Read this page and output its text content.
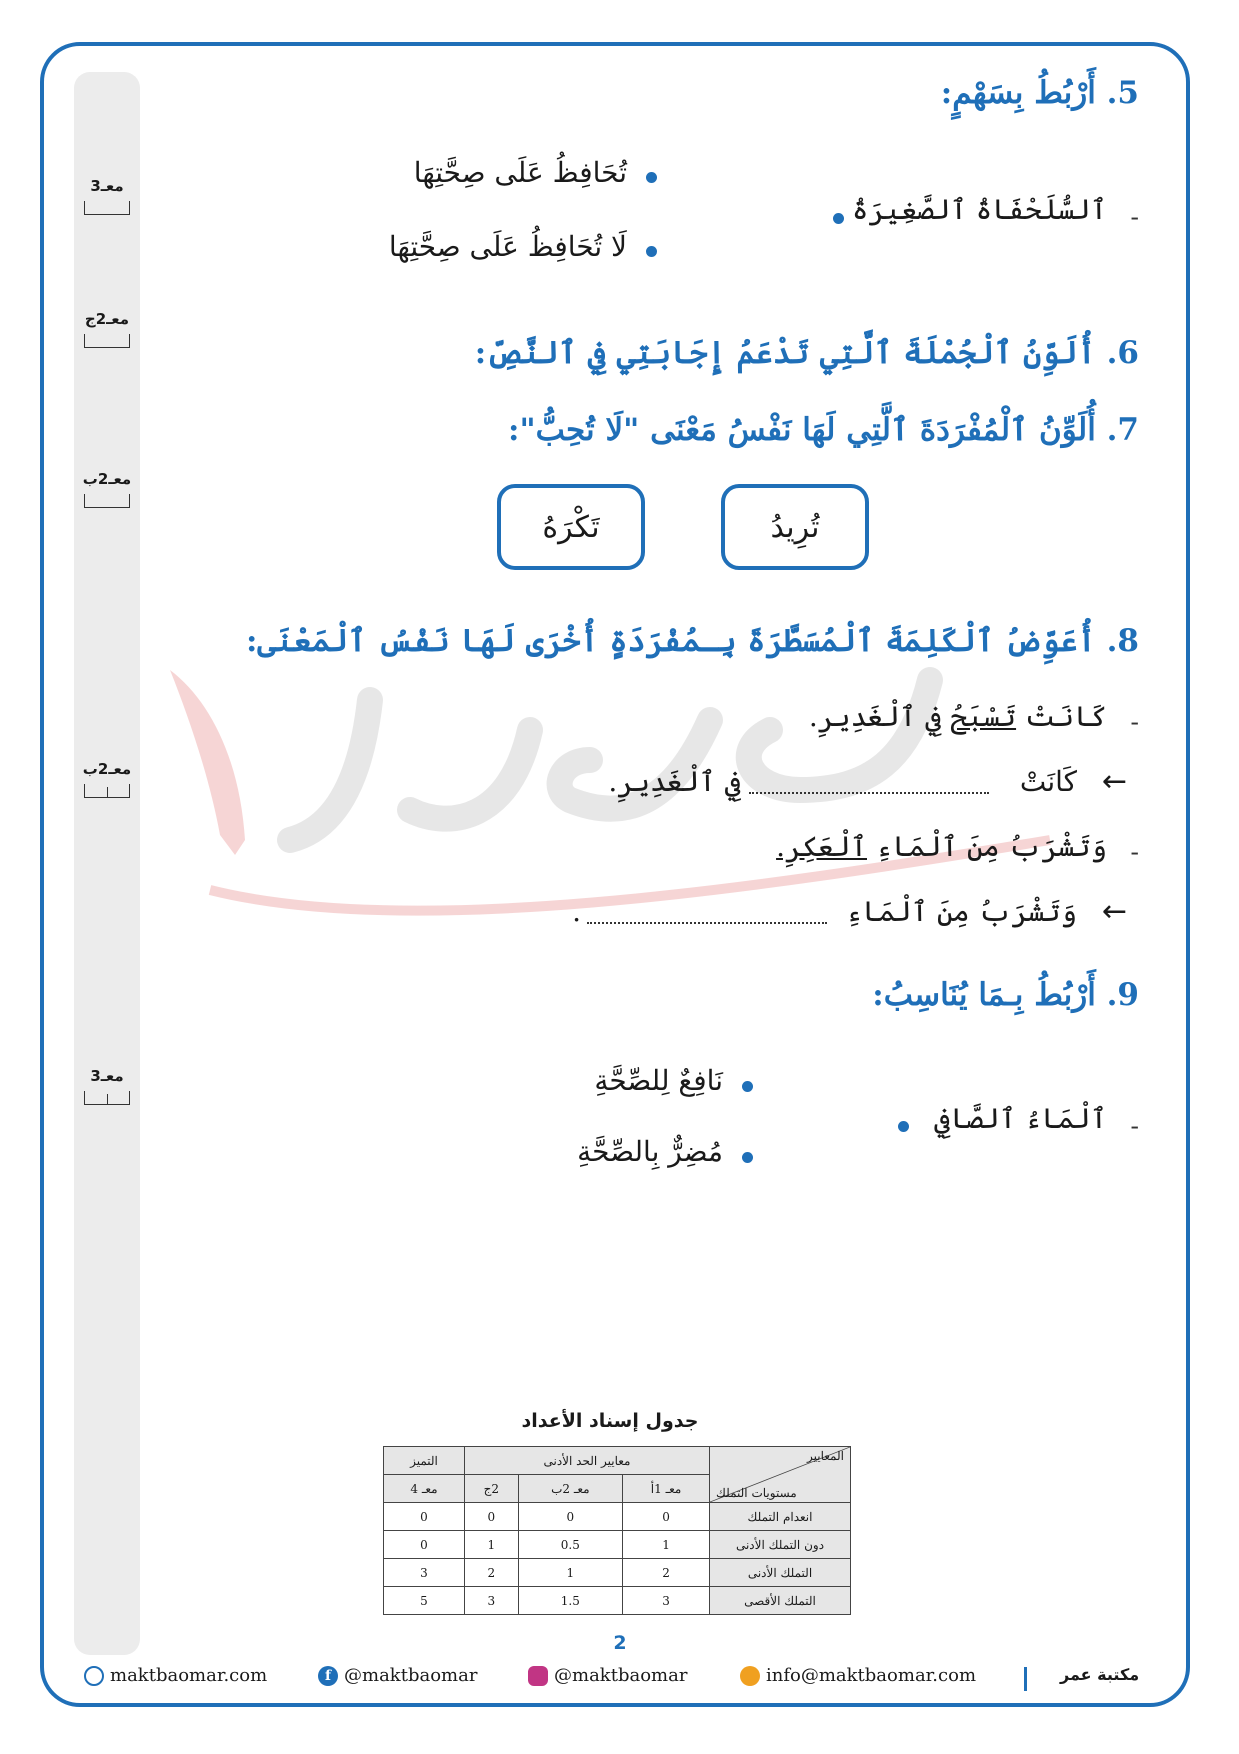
معـ3
معـ2ج
معـ2ب
معـ2ب
معـ3
5. أَرْبُطُ بِسَهْمٍ:
-
ٱلسُّلَحْفَاةُ ٱلصَّغِيرَةُ
تُحَافِظُ عَلَى صِحَّتِهَا
لَا تُحَافِظُ عَلَى صِحَّتِهَا
6. أُلَوِّنُ ٱلْجُمْلَةَ ٱلَّتِي تَدْعَمُ إِجَابَتِي فِي ٱلنَّصِّ:
7. أُلَوِّنُ ٱلْمُفْرَدَةَ ٱلَّتِي لَهَا نَفْسُ مَعْنَى "لَا تُحِبُّ":
تُرِيدُ
تَكْرَهُ
8. أُعَوِّضُ ٱلْكَلِمَةَ ٱلْمُسَطَّرَةَ بِـمُفْرَدَةٍ أُخْرَى لَهَا نَفْسُ ٱلْمَعْنَى:
-
كَانَتْ تَسْبَحُ فِي ٱلْغَدِيرِ.
←
كَانَتْ
فِي ٱلْغَدِيرِ.
-
وَتَشْرَبُ مِنَ ٱلْمَاءِ ٱلْعَكِرِ.
←
وَتَشْرَبُ مِنَ ٱلْمَاءِ
.
9. أَرْبُطُ بِـمَا يُنَاسِبُ:
-
ٱلْمَاءُ ٱلصَّافِي
نَافِعٌ لِلصِّحَّةِ
مُضِرٌّ بِالصِّحَّةِ
جدول إسناد الأعداد
المعايير
مستويات التملك	معايير الحد الأدنى			التميز
	معـ 1أ	معـ 2ب	2ج	معـ 4
انعدام التملك	0	0	0	0
دون التملك الأدنى	1	0.5	1	0
التملك الأدنى	2	1	2	3
التملك الأقصى	3	1.5	3	5
2
maktbaomar.com	f @maktbaomar	@maktbaomar	info@maktbaomar.com	مكتبة عمر
